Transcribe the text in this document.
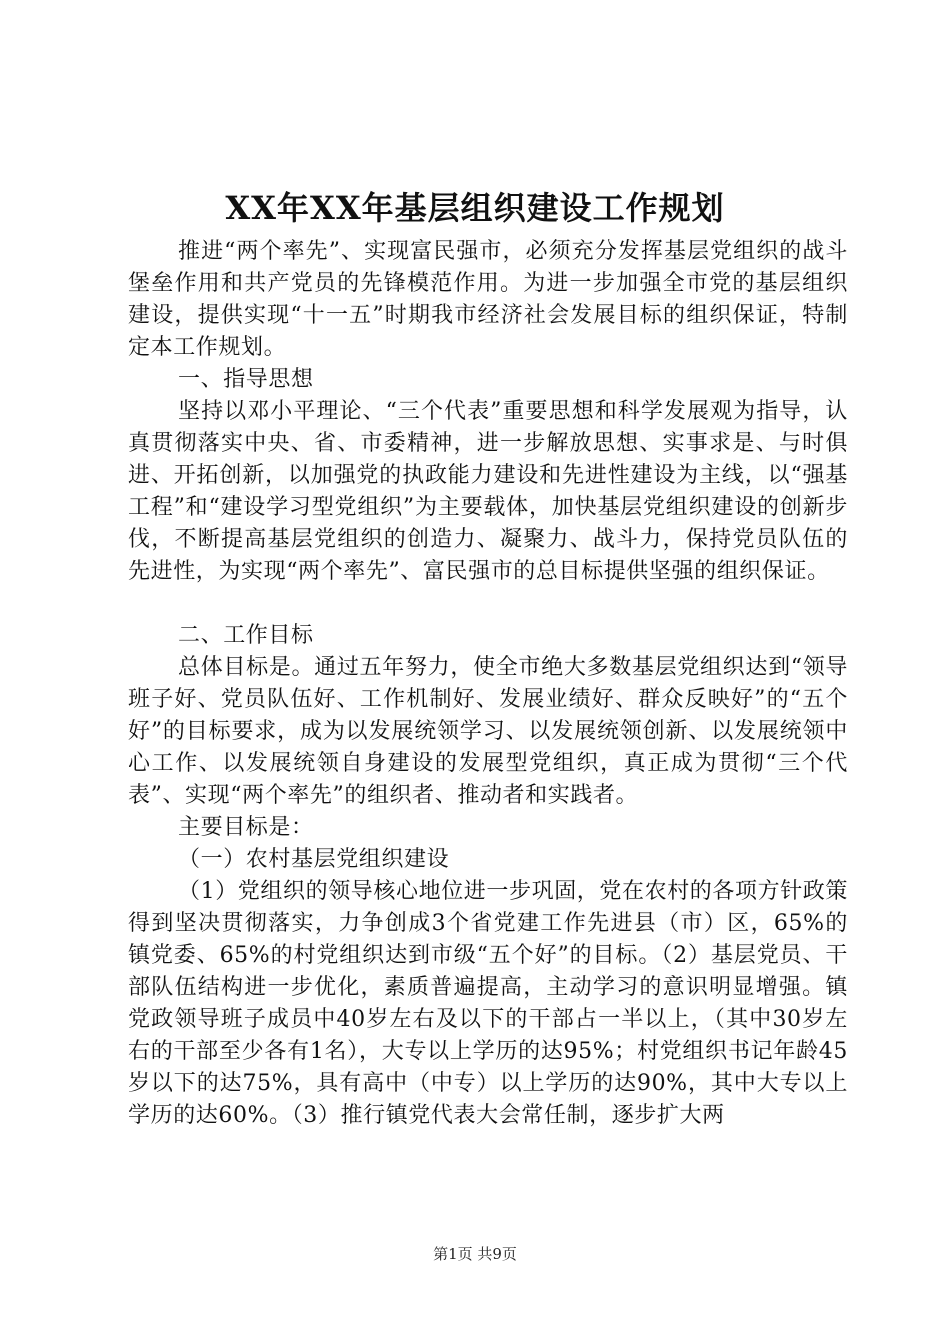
XX年XX年基层组织建设工作规划

推进“两个率先”、实现富民强市，必须充分发挥基层党组织的战斗堡垒作用和共产党员的先锋模范作用。为进一步加强全市党的基层组织建设，提供实现“十一五”时期我市经济社会发展目标的组织保证，特制定本工作规划。

一、指导思想

坚持以邓小平理论、“三个代表”重要思想和科学发展观为指导，认真贯彻落实中央、省、市委精神，进一步解放思想、实事求是、与时俱进、开拓创新，以加强党的执政能力建设和先进性建设为主线，以“强基工程”和“建设学习型党组织”为主要载体，加快基层党组织建设的创新步伐，不断提高基层党组织的创造力、凝聚力、战斗力，保持党员队伍的先进性，为实现“两个率先”、富民强市的总目标提供坚强的组织保证。

二、工作目标

总体目标是。通过五年努力，使全市绝大多数基层党组织达到“领导班子好、党员队伍好、工作机制好、发展业绩好、群众反映好”的“五个好”的目标要求，成为以发展统领学习、以发展统领创新、以发展统领中心工作、以发展统领自身建设的发展型党组织，真正成为贯彻“三个代表”、实现“两个率先”的组织者、推动者和实践者。

主要目标是：

（一）农村基层党组织建设

（1）党组织的领导核心地位进一步巩固，党在农村的各项方针政策得到坚决贯彻落实，力争创成3个省党建工作先进县（市）区，65%的镇党委、65%的村党组织达到市级“五个好”的目标。（2）基层党员、干部队伍结构进一步优化，素质普遍提高，主动学习的意识明显增强。镇党政领导班子成员中40岁左右及以下的干部占一半以上，（其中30岁左右的干部至少各有1名），大专以上学历的达95%；村党组织书记年龄45岁以下的达75%，具有高中（中专）以上学历的达90%，其中大专以上学历的达60%。（3）推行镇党代表大会常任制，逐步扩大两

第1页 共9页
